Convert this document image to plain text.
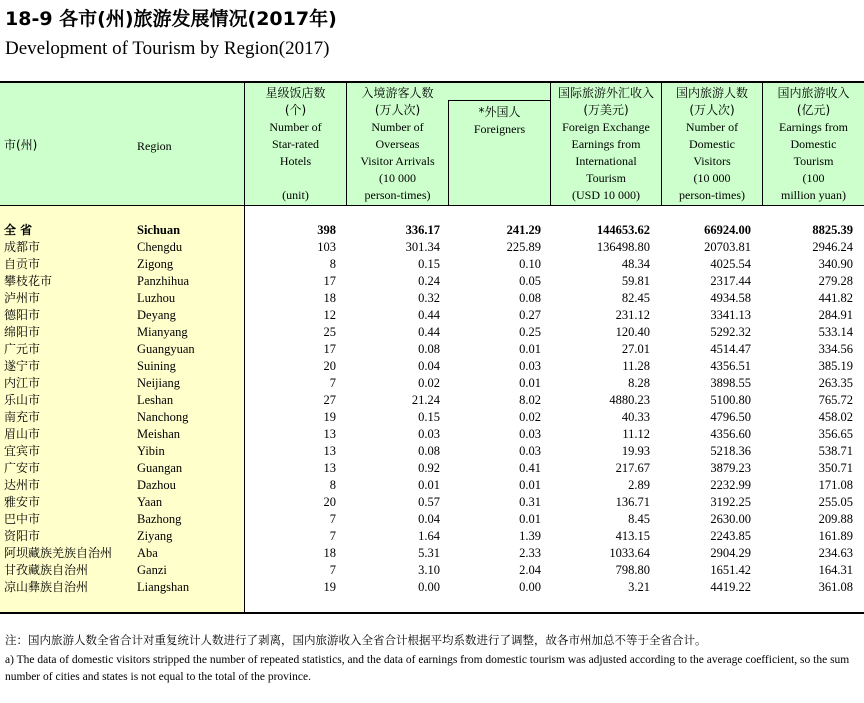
18-9 各市(州)旅游发展情况(2017年)
Development of Tourism by Region(2017)
市(州)	Region
星级饭店数
(个)
Number of
Star-rated
Hotels
(unit)
入境游客人数
(万人次)
Number of
Overseas
Visitor Arrivals
(10 000
person-times)
*外国人
Foreigners
国际旅游外汇收入
(万美元)
Foreign Exchange
Earnings from
International
Tourism
(USD 10 000)
国内旅游人数
(万人次)
Number of
Domestic
Visitors
(10 000
person-times)
国内旅游收入
(亿元)
Earnings from
Domestic
Tourism
(100
million yuan)
全 省	Sichuan	398	336.17	241.29	144653.62	66924.00	8825.39
成都市	Chengdu	103	301.34	225.89	136498.80	20703.81	2946.24
自贡市	Zigong	8	0.15	0.10	48.34	4025.54	340.90
攀枝花市	Panzhihua	17	0.24	0.05	59.81	2317.44	279.28
泸州市	Luzhou	18	0.32	0.08	82.45	4934.58	441.82
德阳市	Deyang	12	0.44	0.27	231.12	3341.13	284.91
绵阳市	Mianyang	25	0.44	0.25	120.40	5292.32	533.14
广元市	Guangyuan	17	0.08	0.01	27.01	4514.47	334.56
遂宁市	Suining	20	0.04	0.03	11.28	4356.51	385.19
内江市	Neijiang	7	0.02	0.01	8.28	3898.55	263.35
乐山市	Leshan	27	21.24	8.02	4880.23	5100.80	765.72
南充市	Nanchong	19	0.15	0.02	40.33	4796.50	458.02
眉山市	Meishan	13	0.03	0.03	11.12	4356.60	356.65
宜宾市	Yibin	13	0.08	0.03	19.93	5218.36	538.71
广安市	Guangan	13	0.92	0.41	217.67	3879.23	350.71
达州市	Dazhou	8	0.01	0.01	2.89	2232.99	171.08
雅安市	Yaan	20	0.57	0.31	136.71	3192.25	255.05
巴中市	Bazhong	7	0.04	0.01	8.45	2630.00	209.88
资阳市	Ziyang	7	1.64	1.39	413.15	2243.85	161.89
阿坝藏族羌族自治州 Aba	18	5.31	2.33	1033.64	2904.29	234.63
甘孜藏族自治州	Ganzi	7	3.10	2.04	798.80	1651.42	164.31
凉山彝族自治州	Liangshan	19	0.00	0.00	3.21	4419.22	361.08
注：国内旅游人数全省合计对重复统计人数进行了剥离，国内旅游收入全省合计根据平均系数进行了调整，故各市州加总不等于全省合计。
a) The data of domestic visitors stripped the number of repeated statistics, and the data of earnings from domestic tourism was adjusted according to the average coefficient, so the sum number of cities and states is not equal to the total of the province.
